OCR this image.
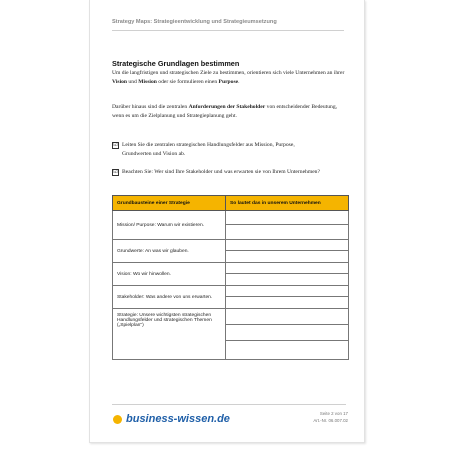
Strategy Maps: Strategieentwicklung und Strategieumsetzung
Strategische Grundlagen bestimmen
Um die langfristigen und strategischen Ziele zu bestimmen, orientieren sich viele Unternehmen an ihrer Vision und Mission oder sie formulieren einen Purpose.
Darüber hinaus sind die zentralen Anforderungen der Stakeholder von entscheidender Bedeutung, wenn es um die Zielplanung und Strategieplanung geht.
☑ Leiten Sie die zentralen strategischen Handlungsfelder aus Mission, Purpose, Grundwerten und Vision ab.
☑ Beachten Sie: Wer sind Ihre Stakeholder und was erwarten sie von Ihrem Unternehmen?
Grundbausteine einer Strategie	So lautet das in unserem Unternehmen
Mission/ Purpose: Warum wir existieren.	

Grundwerte: An was wir glauben.	

Vision: Wo wir hinwollen.	

Stakeholder: Was andere von uns erwarten.	

Strategie: Unsere wichtigsten strategischen Handlungsfelder und strategischen Themen („Spielplan")	
business-wissen.de	Seite 2 von 17
Art.-Nr. 06.007.02
